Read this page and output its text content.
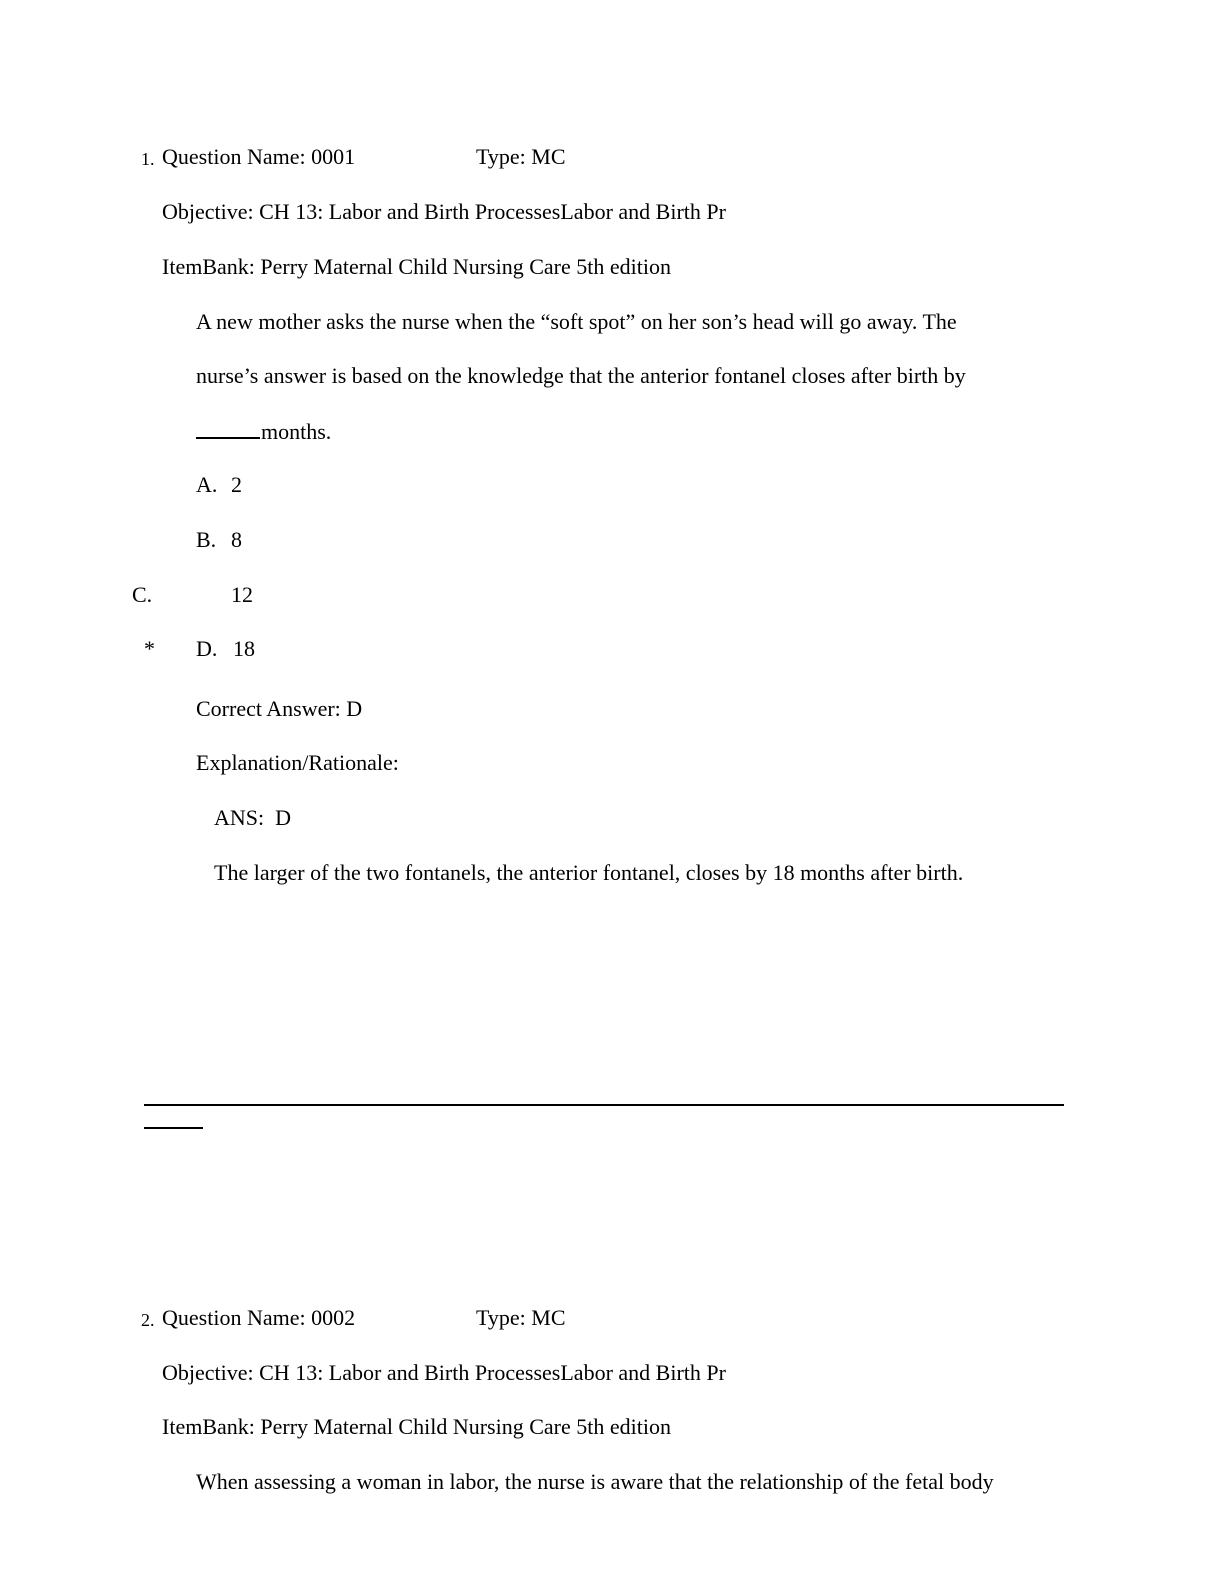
1. Question Name: 0001	Type: MC
Objective: CH 13: Labor and Birth ProcessesLabor and Birth Pr
ItemBank: Perry Maternal Child Nursing Care 5th edition
A new mother asks the nurse when the “soft spot” on her son’s head will go away. The
nurse’s answer is based on the knowledge that the anterior fontanel closes after birth by
months.
A. 2
B. 8
C.	12
* D. 18
Correct Answer: D
Explanation/Rationale:
ANS:  D
The larger of the two fontanels, the anterior fontanel, closes by 18 months after birth.
2. Question Name: 0002	Type: MC
Objective: CH 13: Labor and Birth ProcessesLabor and Birth Pr
ItemBank: Perry Maternal Child Nursing Care 5th edition
When assessing a woman in labor, the nurse is aware that the relationship of the fetal body
